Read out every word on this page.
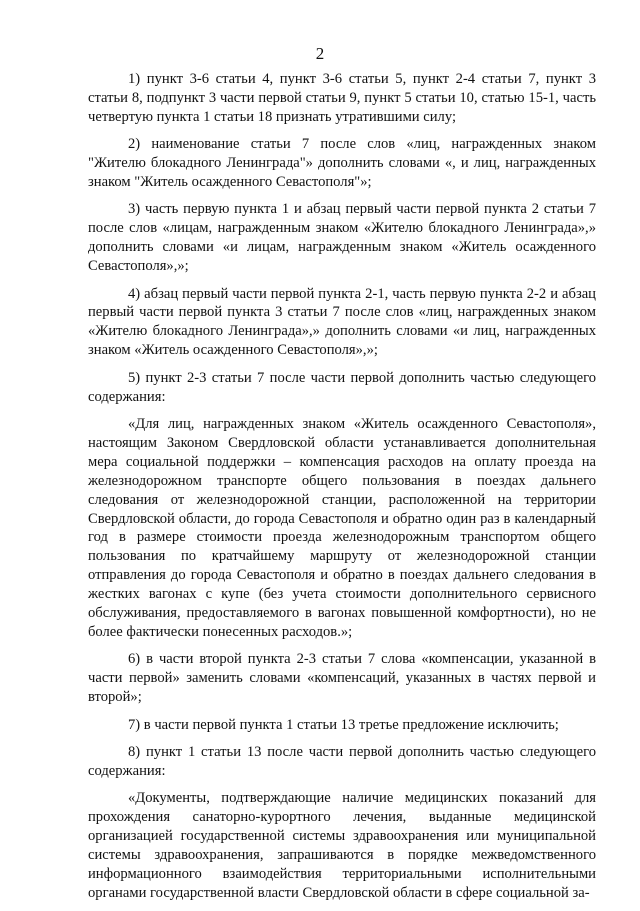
2

1) пункт 3-6 статьи 4, пункт 3-6 статьи 5, пункт 2-4 статьи 7, пункт 3 статьи 8, подпункт 3 части первой статьи 9, пункт 5 статьи 10, статью 15-1, часть четвертую пункта 1 статьи 18 признать утратившими силу;

2) наименование статьи 7 после слов «лиц, награжденных знаком "Жителю блокадного Ленинграда"» дополнить словами «, и лиц, награжденных знаком "Житель осажденного Севастополя"»;

3) часть первую пункта 1 и абзац первый части первой пункта 2 статьи 7 после слов «лицам, награжденным знаком «Жителю блокадного Ленинграда»,» дополнить словами «и лицам, награжденным знаком «Житель осажденного Севастополя»,»;

4) абзац первый части первой пункта 2-1, часть первую пункта 2-2 и абзац первый части первой пункта 3 статьи 7 после слов «лиц, награжденных знаком «Жителю блокадного Ленинграда»,» дополнить словами «и лиц, награжденных знаком «Житель осажденного Севастополя»,»;

5) пункт 2-3 статьи 7 после части первой дополнить частью следующего содержания:

«Для лиц, награжденных знаком «Житель осажденного Севастополя», настоящим Законом Свердловской области устанавливается дополнительная мера социальной поддержки – компенсация расходов на оплату проезда на железнодорожном транспорте общего пользования в поездах дальнего следования от железнодорожной станции, расположенной на территории Свердловской области, до города Севастополя и обратно один раз в календарный год в размере стоимости проезда железнодорожным транспортом общего пользования по кратчайшему маршруту от железнодорожной станции отправления до города Севастополя и обратно в поездах дальнего следования в жестких вагонах с купе (без учета стоимости дополнительного сервисного обслуживания, предоставляемого в вагонах повышенной комфортности), но не более фактически понесенных расходов.»;

6) в части второй пункта 2-3 статьи 7 слова «компенсации, указанной в части первой» заменить словами «компенсаций, указанных в частях первой и второй»;

7) в части первой пункта 1 статьи 13 третье предложение исключить;

8) пункт 1 статьи 13 после части первой дополнить частью следующего содержания:

«Документы, подтверждающие наличие медицинских показаний для прохождения санаторно-курортного лечения, выданные медицинской организацией государственной системы здравоохранения или муниципальной системы здравоохранения, запрашиваются в порядке межведомственного информационного взаимодействия территориальными исполнительными органами государственной власти Свердловской области в сфере социальной за-
